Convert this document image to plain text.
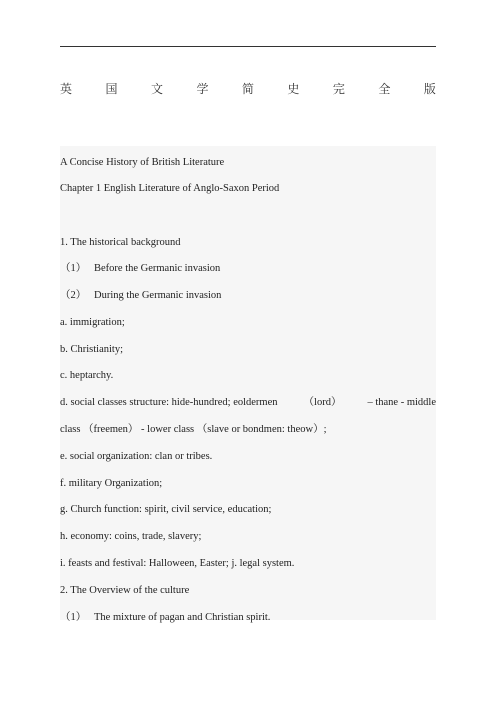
英	国	文	学	简	史	完	全	版
A Concise History of British Literature
Chapter 1 English Literature of Anglo-Saxon Period
1. The historical background
（1） Before the Germanic invasion
（2） During the Germanic invasion
a. immigration;
b. Christianity;
c. heptarchy.
d. social classes structure: hide-hundred; eoldermen （lord） – thane - middle
class （freemen） - lower class （slave or bondmen: theow）;
e. social organization: clan or tribes.
f. military Organization;
g. Church function: spirit, civil service, education;
h. economy: coins, trade, slavery;
i. feasts and festival: Halloween, Easter; j. legal system.
2. The Overview of the culture
（1） The mixture of pagan and Christian spirit.
